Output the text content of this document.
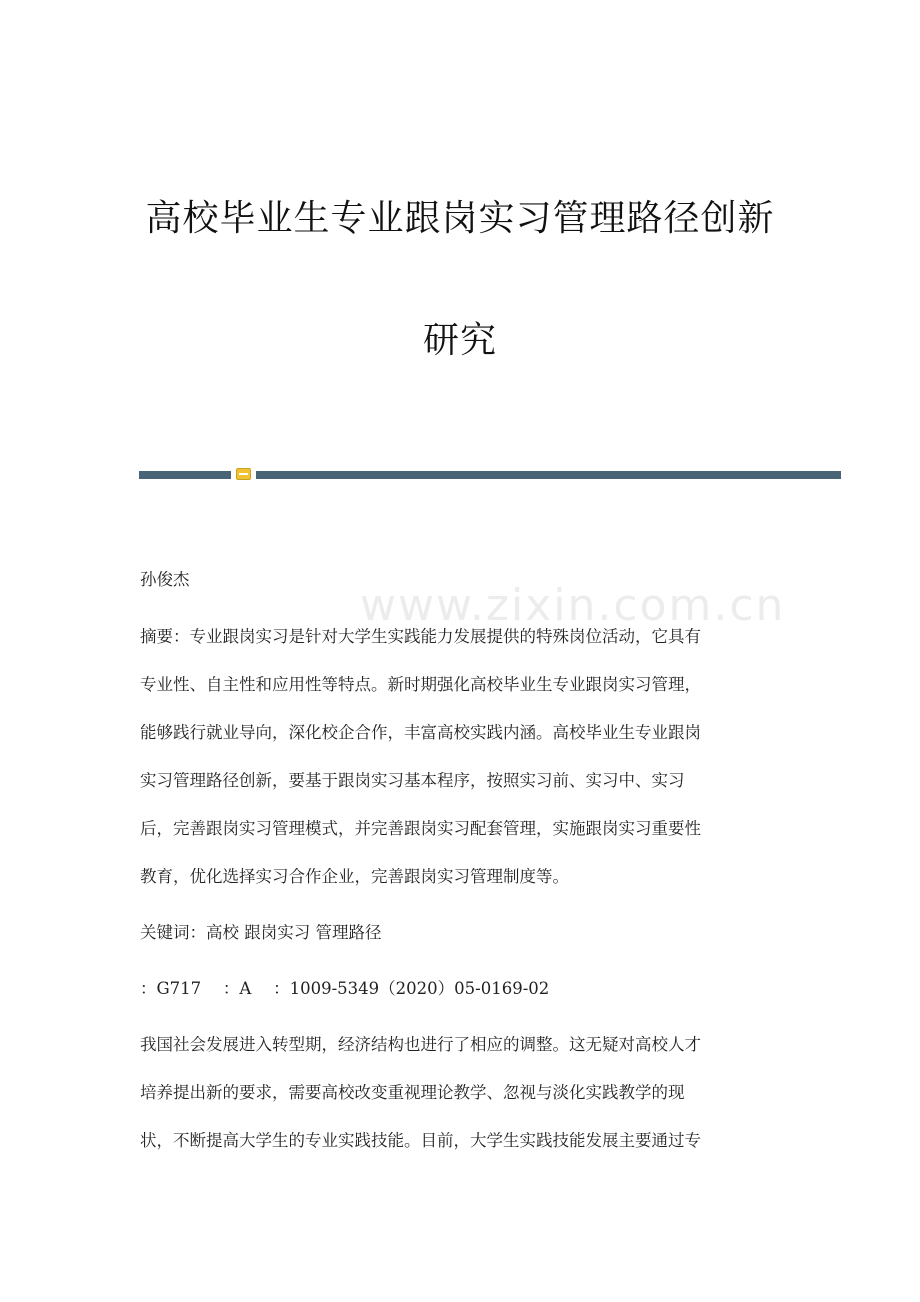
高校毕业生专业跟岗实习管理路径创新
研究
www.zixin.com.cn
孙俊杰
摘要：专业跟岗实习是针对大学生实践能力发展提供的特殊岗位活动，它具有
专业性、自主性和应用性等特点。新时期强化高校毕业生专业跟岗实习管理，
能够践行就业导向，深化校企合作，丰富高校实践内涵。高校毕业生专业跟岗
实习管理路径创新，要基于跟岗实习基本程序，按照实习前、实习中、实习
后，完善跟岗实习管理模式，并完善跟岗实习配套管理，实施跟岗实习重要性
教育，优化选择实习合作企业，完善跟岗实习管理制度等。
关键词：高校 跟岗实习 管理路径
：G717　 ：A　 ：1009-5349（2020）05-0169-02
我国社会发展进入转型期，经济结构也进行了相应的调整。这无疑对高校人才
培养提出新的要求，需要高校改变重视理论教学、忽视与淡化实践教学的现
状，不断提高大学生的专业实践技能。目前，大学生实践技能发展主要通过专
